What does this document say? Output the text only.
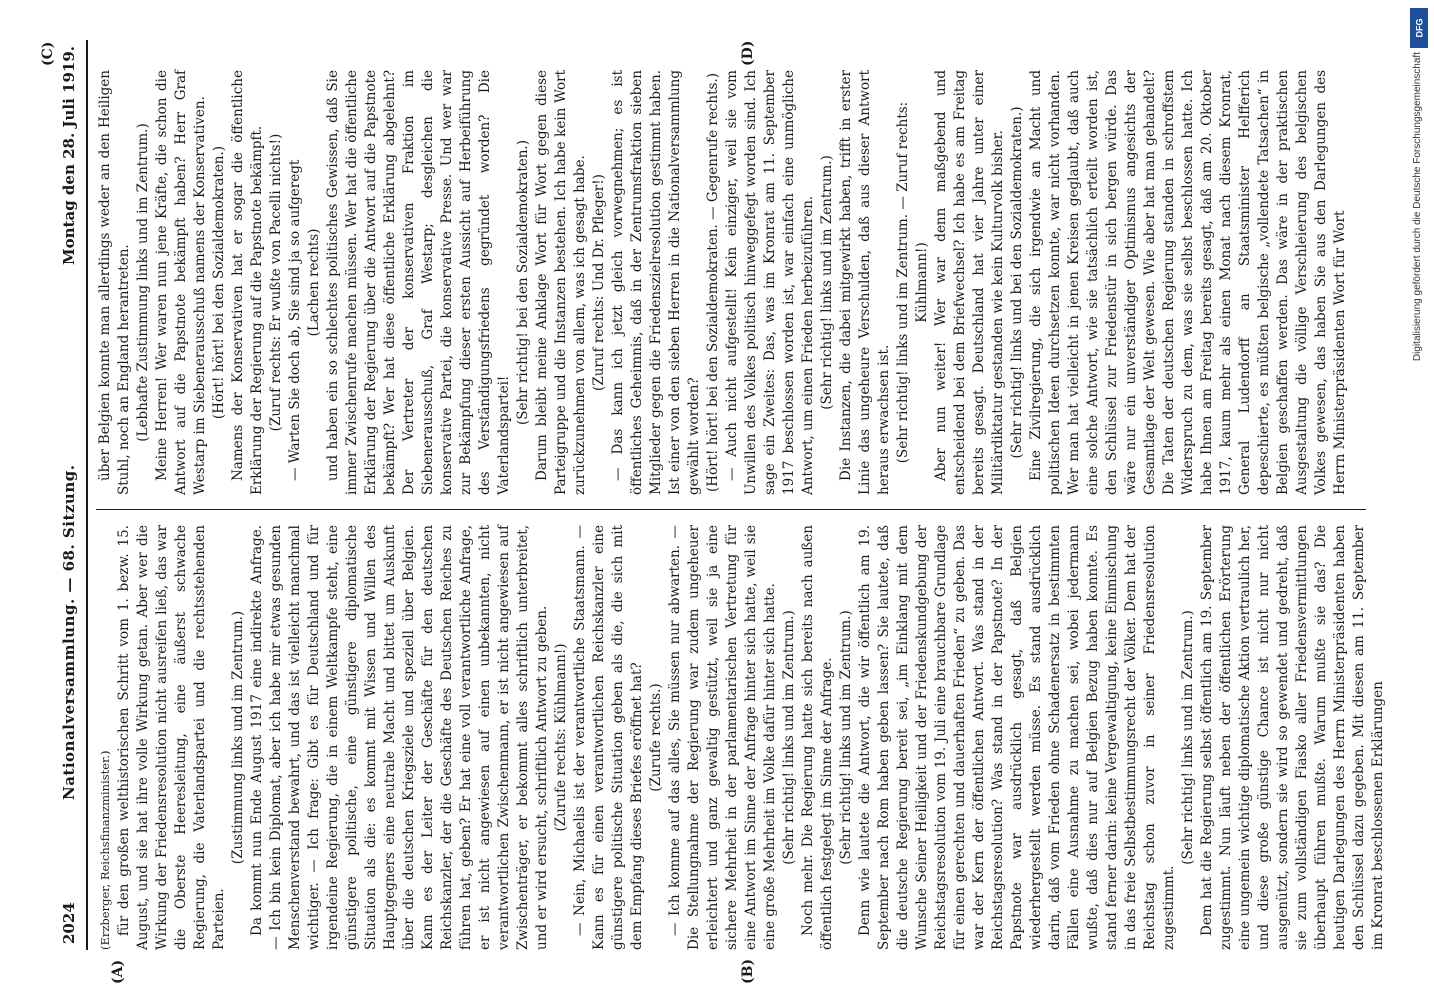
2024
Nationalversammlung. — 68. Sitzung.
Montag den 28. Juli 1919.
(A)	(B)
(C)	(D)

(Erzberger, Reichsfinanzminister.) für den großen welthistorischen Schritt vom 1. bezw. 15. August, und sie hat ihre volle Wirkung getan. Aber wer die Wirkung der Friedensresolution nicht ausreifen ließ, das war die Oberste Heeresleitung, eine äußerst schwache Regierung, die Vaterlandspartei und die rechtsstehenden Parteien.

(Zustimmung links und im Zentrum.) Da kommt nun Ende August 1917 eine indirekte Anfrage. — Ich bin kein Diplomat, aber ich habe mir etwas gesunden Menschenverstand bewahrt, und das ist vielleicht manchmal wichtiger. — Ich frage: Gibt es für Deutschland und für irgendeine Regierung, die in einem Weltkampfe steht, eine günstigere politische, eine günstigere diplomatische Situation als die: es kommt mit Wissen und Willen des Hauptgegners eine neutrale Macht und bittet um Auskunft über die deutschen Kriegsziele und speziell über Belgien. Kann es der Leiter der Geschäfte für den deutschen Reichskanzler, der die Geschäfte des Deutschen Reiches zu führen hat, geben? Er hat eine voll verantwortliche Anfrage, er ist nicht angewiesen auf einen unbekannten, nicht verantwortlichen Zwischenmann, er ist nicht angewiesen auf Zwischenträger, er bekommt alles schriftlich unterbreitet, und er wird ersucht, schriftlich Antwort zu geben. (Zurufe rechts: Kühlmann!) — Nein, Michaelis ist der verantwortliche Staatsmann. — Kann es für einen verantwortlichen Reichskanzler eine günstigere politische Situation geben als die, die sich mit dem Empfang dieses Briefes eröffnet hat? (Zurufe rechts.) — Ich komme auf das alles, Sie müssen nur abwarten. — Die Stellungnahme der Regierung war zudem ungeheuer erleichtert und ganz gewaltig gestützt, weil sie ja eine sichere Mehrheit in der parlamentarischen Vertretung für eine Antwort im Sinne der Anfrage hinter sich hatte, weil sie eine große Mehrheit im Volke dafür hinter sich hatte. (Sehr richtig! links und im Zentrum.) Noch mehr. Die Regierung hatte sich bereits nach außen öffentlich festgelegt im Sinne der Anfrage. (Sehr richtig! links und im Zentrum.) Denn wie lautete die Antwort, die wir öffentlich am 19. September nach Rom haben geben lassen? Sie lautete, daß die deutsche Regierung bereit sei, „im Einklang mit dem Wunsche Seiner Heiligkeit und der Friedenskundgebung der Reichstagsresolution vom 19. Juli eine brauchbare Grundlage für einen gerechten und dauerhaften Frieden“ zu geben. Das war der Kern der öffentlichen Antwort. Was stand in der Reichstagsresolution? Was stand in der Papstnote? In der Papstnote war ausdrücklich gesagt, daß Belgien wiederhergestellt werden müsse. Es stand ausdrücklich darin, daß vom Frieden ohne Schadenersatz in bestimmten Fällen eine Ausnahme zu machen sei, wobei jedermann wußte, daß dies nur auf Belgien Bezug haben konnte. Es stand ferner darin: keine Vergewaltigung, keine Einmischung in das freie Selbstbestimmungsrecht der Völker. Dem hat der Reichstag schon zuvor in seiner Friedensresolution zugestimmt.

(Sehr richtig! links und im Zentrum.) Dem hat die Regierung selbst öffentlich am 19. September zugestimmt. Nun läuft neben der öffentlichen Erörterung eine ungemein wichtige diplomatische Aktion vertraulich her, und diese große günstige Chance ist nicht nur nicht ausgenützt, sondern sie wird so gewendet und gedreht, daß sie zum vollständigen Fiasko aller Friedensvermittlungen überhaupt führen mußte. Warum mußte sie das? Die heutigen Darlegungen des Herrn Ministerpräsidenten haben den Schlüssel dazu gegeben. Mit diesen am 11. September im Kronrat beschlossenen Erklärungen

über Belgien konnte man allerdings weder an den Heiligen Stuhl, noch an England herantreten. (Lebhafte Zustimmung links und im Zentrum.) Meine Herren! Wer waren nun jene Kräfte, die schon die Antwort auf die Papstnote bekämpft haben? Herr Graf Westarp im Siebenerausschuß namens der Konservativen. (Hört! hört! bei den Sozialdemokraten.) Namens der Konservativen hat er sogar die öffentliche Erklärung der Regierung auf die Papstnote bekämpft. (Zuruf rechts: Er wußte von Pacelli nichts!) — Warten Sie doch ab, Sie sind ja so aufgeregt (Lachen rechts) und haben ein so schlechtes politisches Gewissen, daß Sie immer Zwischenrufe machen müssen. Wer hat die öffentliche Erklärung der Regierung über die Antwort auf die Papstnote bekämpft? Wer hat diese öffentliche Erklärung abgelehnt? Der Vertreter der konservativen Fraktion im Siebenerausschuß, Graf Westarp; desgleichen die konservative Partei, die konservative Presse. Und wer war zur Bekämpfung dieser ersten Aussicht auf Herbeiführung des Verständigungsfriedens gegründet worden? Die Vaterlandspartei!

(Sehr richtig! bei den Sozialdemokraten.) Darum bleibt meine Anklage Wort für Wort gegen diese Parteigruppe und die Instanzen bestehen. Ich habe kein Wort zurückzunehmen von allem, was ich gesagt habe. (Zuruf rechts: Und Dr. Pfleger!) — Das kann ich jetzt gleich vorwegnehmen; es ist öffentliches Geheimnis, daß in der Zentrumsfraktion sieben Mitglieder gegen die Friedenszielresolution gestimmt haben. Ist einer von den sieben Herren in die Nationalversammlung gewählt worden? (Hört! hört! bei den Sozialdemokraten. — Gegenrufe rechts.) — Auch nicht aufgestellt! Kein einziger, weil sie vom Unwillen des Volkes politisch hinweggefegt worden sind. Ich sage ein Zweites: Das, was im Kronrat am 11. September 1917 beschlossen worden ist, war einfach eine unmögliche Antwort, um einen Frieden herbeizuführen. (Sehr richtig! links und im Zentrum.) Die Instanzen, die dabei mitgewirkt haben, trifft in erster Linie das ungeheure Verschulden, daß aus dieser Antwort heraus erwachsen ist. (Sehr richtig! links und im Zentrum. — Zuruf rechts: Kühlmann!) Aber nun weiter! Wer war denn maßgebend und entscheidend bei dem Briefwechsel? Ich habe es am Freitag bereits gesagt. Deutschland hat vier Jahre unter einer Militärdiktatur gestanden wie kein Kulturvolk bisher. (Sehr richtig! links und bei den Sozialdemokraten.) Eine Zivilregierung, die sich irgendwie an Macht und politischen Ideen durchsetzen konnte, war nicht vorhanden. Wer man hat vielleicht in jenen Kreisen geglaubt, daß auch eine solche Antwort, wie sie tatsächlich erteilt worden ist, den Schlüssel zur Friedenstür in sich bergen würde. Das wäre nur ein unverständiger Optimismus angesichts der Gesamtlage der Welt gewesen. Wie aber hat man gehandelt? Die Taten der deutschen Regierung standen in schroffstem Widerspruch zu dem, was sie selbst beschlossen hatte. Ich habe Ihnen am Freitag bereits gesagt, daß am 20. Oktober 1917, kaum mehr als einen Monat nach diesem Kronrat, General Ludendorff an Staatsminister Helfferich depeschierte, es müßten belgische „vollendete Tatsachen“ in Belgien geschaffen werden. Das wäre in der praktischen Ausgestaltung die völlige Verschleierung des belgischen Volkes gewesen, das haben Sie aus den Darlegungen des Herrn Ministerpräsidenten Wort für Wort

DFG
Digitalisierung gefördert durch die Deutsche Forschungsgemeinschaft
